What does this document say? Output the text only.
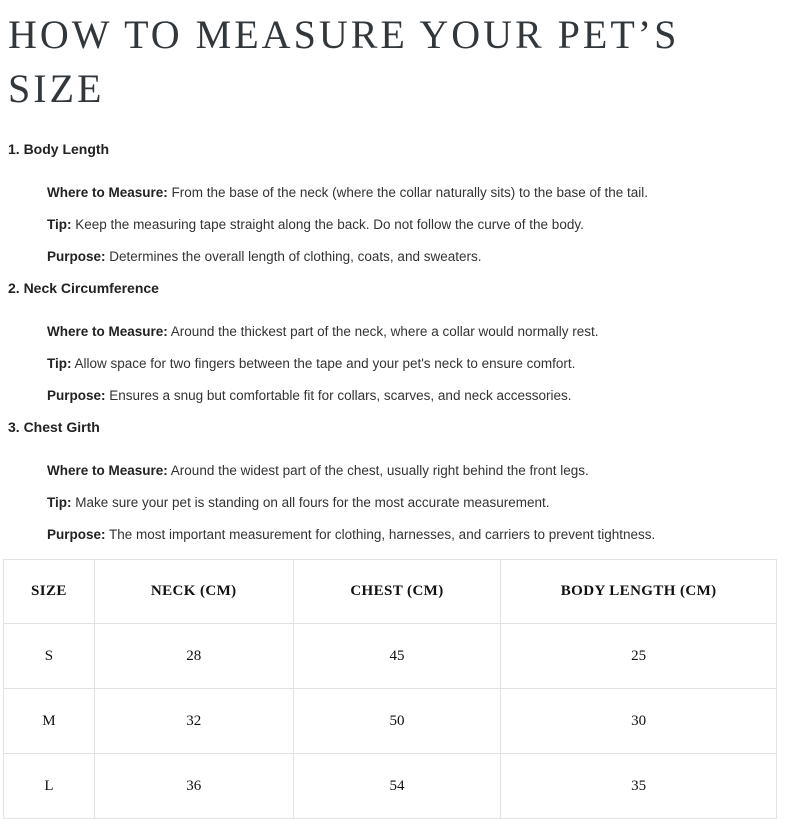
HOW TO MEASURE YOUR PET’S SIZE
1. Body Length

Where to Measure: From the base of the neck (where the collar naturally sits) to the base of the tail.

Tip: Keep the measuring tape straight along the back. Do not follow the curve of the body.

Purpose: Determines the overall length of clothing, coats, and sweaters.

2. Neck Circumference

Where to Measure: Around the thickest part of the neck, where a collar would normally rest.

Tip: Allow space for two fingers between the tape and your pet's neck to ensure comfort.

Purpose: Ensures a snug but comfortable fit for collars, scarves, and neck accessories.

3. Chest Girth

Where to Measure: Around the widest part of the chest, usually right behind the front legs.

Tip: Make sure your pet is standing on all fours for the most accurate measurement.

Purpose: The most important measurement for clothing, harnesses, and carriers to prevent tightness.

SIZE	NECK (CM)	CHEST (CM)	BODY LENGTH (CM)
S	28	45	25
M	32	50	30
L	36	54	35
